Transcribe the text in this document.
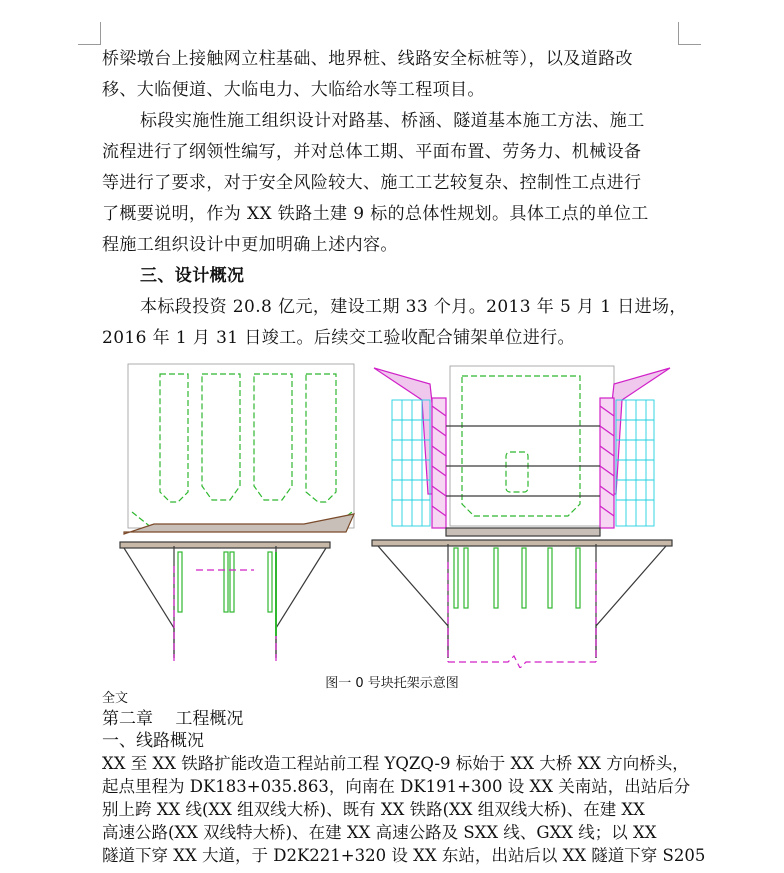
桥梁墩台上接触网立柱基础、地界桩、线路安全标桩等），以及道路改

移、大临便道、大临电力、大临给水等工程项目。

标段实施性施工组织设计对路基、桥涵、隧道基本施工方法、施工

流程进行了纲领性编写，并对总体工期、平面布置、劳务力、机械设备

等进行了要求，对于安全风险较大、施工工艺较复杂、控制性工点进行

了概要说明，作为 XX 铁路土建 9 标的总体性规划。具体工点的单位工

程施工组织设计中更加明确上述内容。

三、设计概况

本标段投资 20.8 亿元，建设工期 33 个月。2013 年 5 月 1 日进场，

2016 年 1 月 31 日竣工。后续交工验收配合铺架单位进行。

图一 0 号块托架示意图
全文
第二章　 工程概况
一、线路概况
XX 至 XX 铁路扩能改造工程站前工程 YQZQ-9 标始于 XX 大桥 XX 方向桥头，
起点里程为 DK183+035.863，向南在 DK191+300 设 XX 关南站，出站后分
别上跨 XX 线(XX 组双线大桥)、既有 XX 铁路(XX 组双线大桥)、在建 XX
高速公路(XX 双线特大桥)、在建 XX 高速公路及 SXX 线、GXX 线；以 XX
隧道下穿 XX 大道，于 D2K221+320 设 XX 东站，出站后以 XX 隧道下穿 S205
